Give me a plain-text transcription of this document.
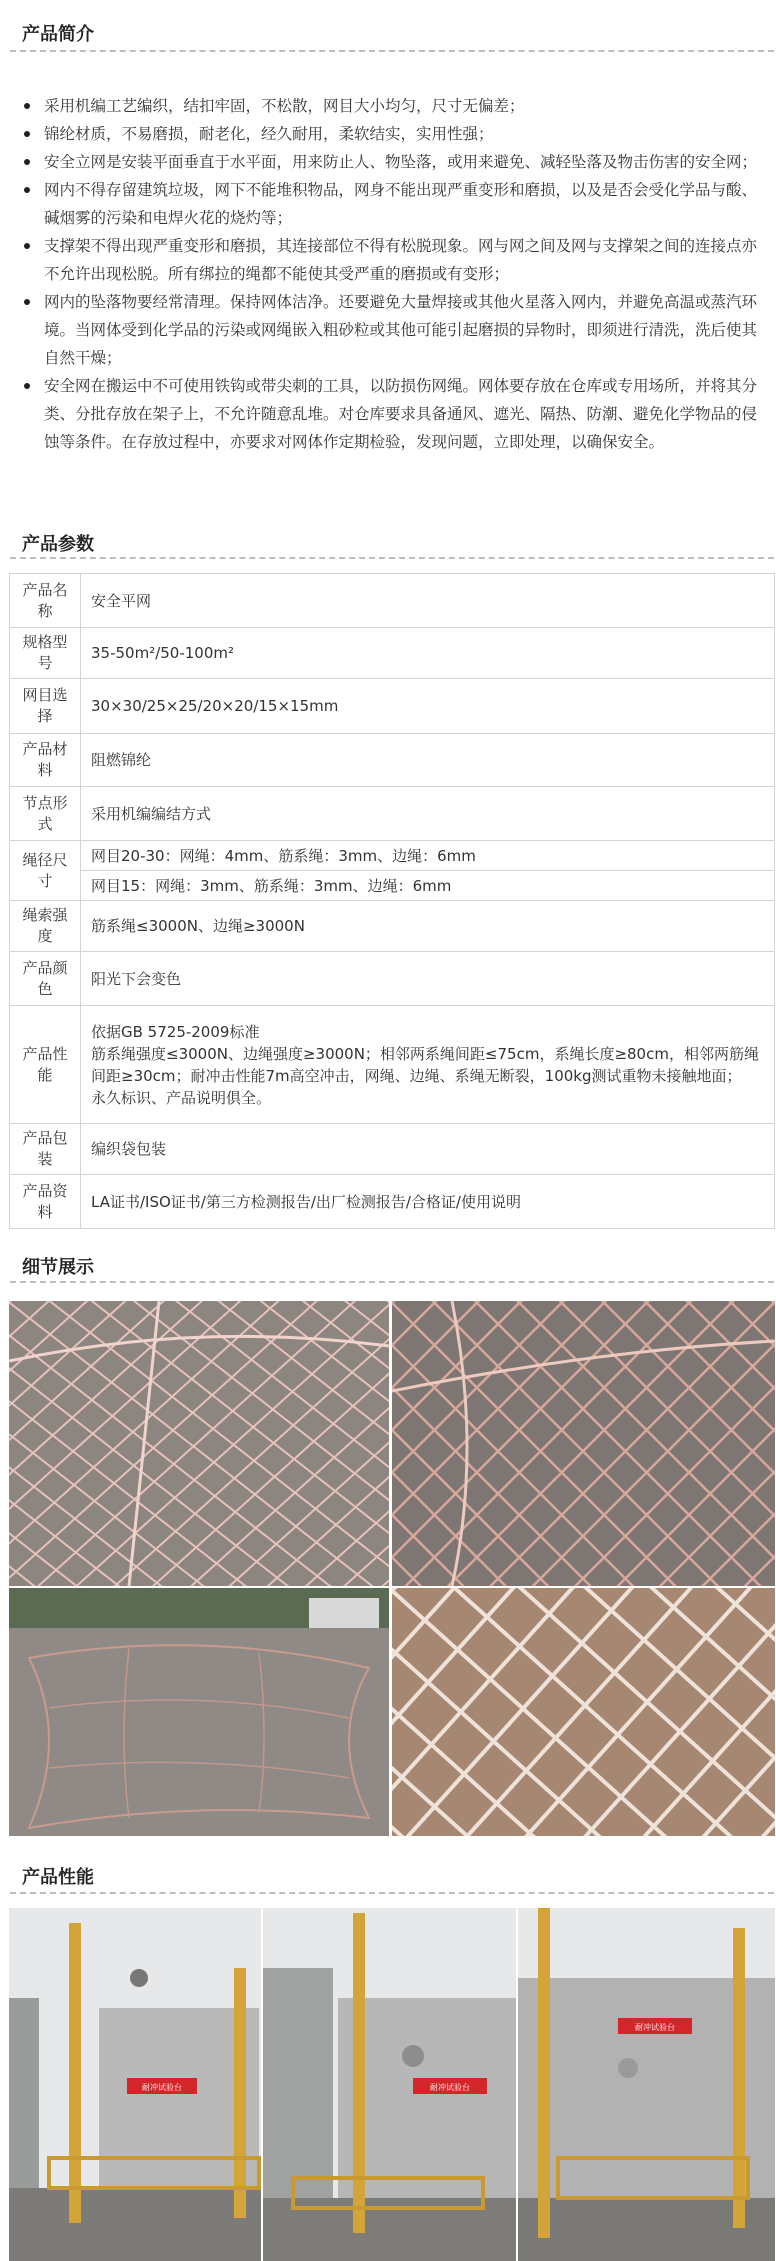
产品简介
采用机编工艺编织，结扣牢固，不松散，网目大小均匀，尺寸无偏差；
锦纶材质，不易磨损，耐老化，经久耐用，柔软结实，实用性强；
安全立网是安装平面垂直于水平面，用来防止人、物坠落，或用来避免、减轻坠落及物击伤害的安全网；
网内不得存留建筑垃圾，网下不能堆积物品，网身不能出现严重变形和磨损，以及是否会受化学品与酸、碱烟雾的污染和电焊火花的烧灼等；
支撑架不得出现严重变形和磨损，其连接部位不得有松脱现象。网与网之间及网与支撑架之间的连接点亦不允许出现松脱。所有绑拉的绳都不能使其受严重的磨损或有变形；
网内的坠落物要经常清理。保持网体洁净。还要避免大量焊接或其他火星落入网内，并避免高温或蒸汽环境。当网体受到化学品的污染或网绳嵌入粗砂粒或其他可能引起磨损的异物时，即须进行清洗，洗后使其自然干燥；
安全网在搬运中不可使用铁钩或带尖刺的工具，以防损伤网绳。网体要存放在仓库或专用场所，并将其分类、分批存放在架子上，不允许随意乱堆。对仓库要求具备通风、遮光、隔热、防潮、避免化学物品的侵蚀等条件。在存放过程中，亦要求对网体作定期检验，发现问题，立即处理，以确保安全。
产品参数
产品名称	安全平网
规格型号	35-50m²/50-100m²
网目选择	30×30/25×25/20×20/15×15mm
产品材料	阻燃锦纶
节点形式	采用机编编结方式
绳径尺寸	网目20-30：网绳：4mm、筋系绳：3mm、边绳：6mm
	网目15：网绳：3mm、筋系绳：3mm、边绳：6mm
绳索强度	筋系绳≤3000N、边绳≥3000N
产品颜色	阳光下会变色
产品性能	依据GB 5725-2009标准
筋系绳强度≤3000N、边绳强度≥3000N；相邻两系绳间距≤75cm，系绳长度≥80cm，相邻两筋绳间距≥30cm；耐冲击性能7m高空冲击，网绳、边绳、系绳无断裂，100kg测试重物未接触地面；
永久标识、产品说明俱全。
产品包装	编织袋包装
产品资料	LA证书/ISO证书/第三方检测报告/出厂检测报告/合格证/使用说明
细节展示
产品性能
耐冲试验台	耐冲试验台
耐冲试验台
